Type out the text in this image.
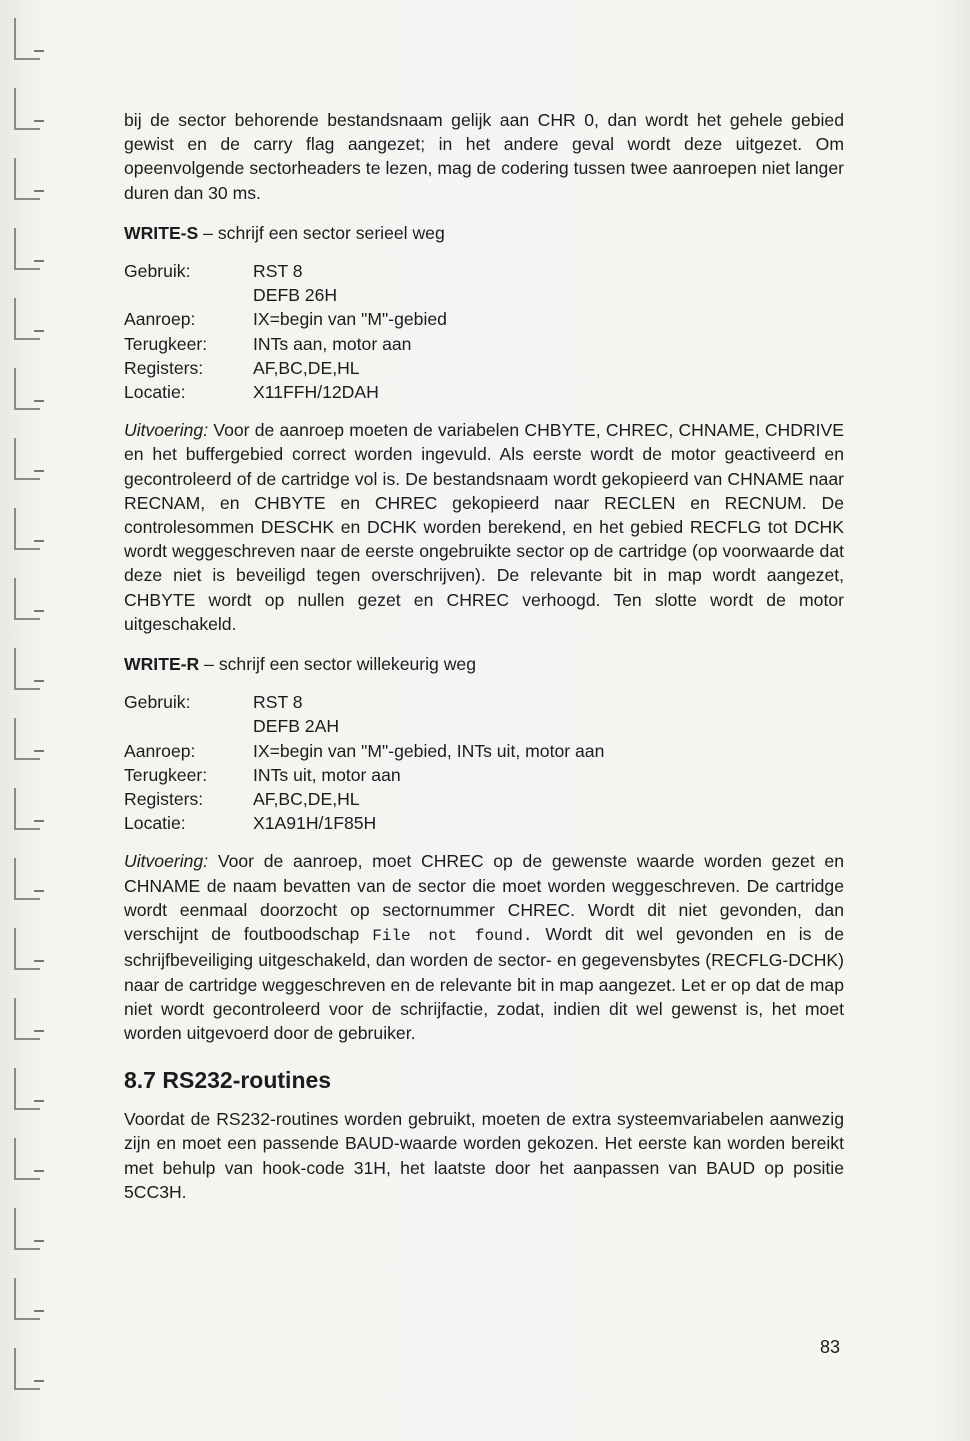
bij de sector behorende bestandsnaam gelijk aan CHR 0, dan wordt het gehele gebied gewist en de carry flag aangezet; in het andere geval wordt deze uitgezet. Om opeenvolgende sectorheaders te lezen, mag de codering tussen twee aanroepen niet langer duren dan 30 ms.

WRITE-S – schrijf een sector serieel weg

Gebruik:	RST 8
	DEFB 26H
Aanroep:	IX=begin van "M"-gebied
Terugkeer:	INTs aan, motor aan
Registers:	AF,BC,DE,HL
Locatie:	X11FFH/12DAH

Uitvoering: Voor de aanroep moeten de variabelen CHBYTE, CHREC, CHNAME, CHDRIVE en het buffergebied correct worden ingevuld. Als eerste wordt de motor geactiveerd en gecontroleerd of de cartridge vol is. De bestandsnaam wordt gekopieerd van CHNAME naar RECNAM, en CHBYTE en CHREC gekopieerd naar RECLEN en RECNUM. De controlesommen DESCHK en DCHK worden berekend, en het gebied RECFLG tot DCHK wordt weggeschreven naar de eerste ongebruikte sector op de cartridge (op voorwaarde dat deze niet is beveiligd tegen overschrijven). De relevante bit in map wordt aangezet, CHBYTE wordt op nullen gezet en CHREC verhoogd. Ten slotte wordt de motor uitgeschakeld.

WRITE-R – schrijf een sector willekeurig weg

Gebruik:	RST 8
	DEFB 2AH
Aanroep:	IX=begin van "M"-gebied, INTs uit, motor aan
Terugkeer:	INTs uit, motor aan
Registers:	AF,BC,DE,HL
Locatie:	X1A91H/1F85H

Uitvoering: Voor de aanroep, moet CHREC op de gewenste waarde worden gezet en CHNAME de naam bevatten van de sector die moet worden weggeschreven. De cartridge wordt eenmaal doorzocht op sectornummer CHREC. Wordt dit niet gevonden, dan verschijnt de foutboodschap File not found. Wordt dit wel gevonden en is de schrijfbeveiliging uitgeschakeld, dan worden de sector- en gegevensbytes (RECFLG-DCHK) naar de cartridge weggeschreven en de relevante bit in map aangezet. Let er op dat de map niet wordt gecontroleerd voor de schrijfactie, zodat, indien dit wel gewenst is, het moet worden uitgevoerd door de gebruiker.

8.7 RS232-routines

Voordat de RS232-routines worden gebruikt, moeten de extra systeemvariabelen aanwezig zijn en moet een passende BAUD-waarde worden gekozen. Het eerste kan worden bereikt met behulp van hook-code 31H, het laatste door het aanpassen van BAUD op positie 5CC3H.

83
